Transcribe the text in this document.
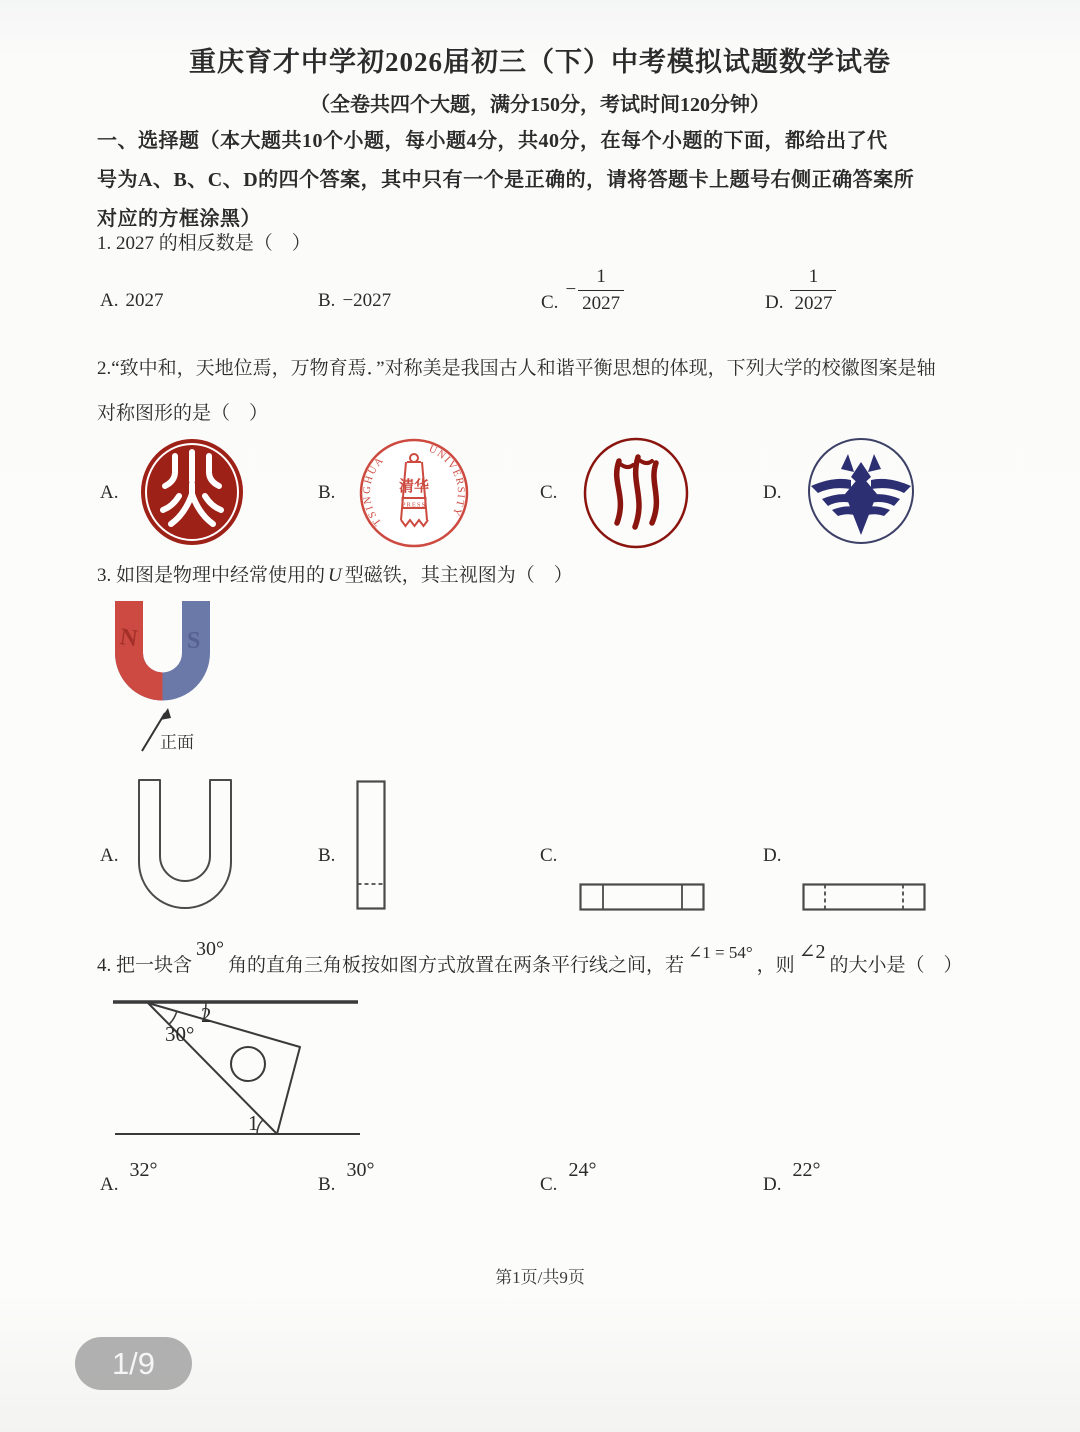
重庆育才中学初2026届初三（下）中考模拟试题数学试卷
（全卷共四个大题，满分150分，考试时间120分钟）
一、选择题（本大题共10个小题，每小题4分，共40分，在每个小题的下面，都给出了代
号为A、B、C、D的四个答案，其中只有一个是正确的，请将答题卡上题号右侧正确答案所
对应的方框涂黑）
1. 2027 的相反数是（　）
A. 2027	B. −2027	C.
− $\frac{1}{2027}$	D. $\frac{1}{2027}$
2.“致中和，天地位焉，万物育焉．”对称美是我国古人和谐平衡思想的体现，下列大学的校徽图案是轴
对称图形的是（　）
A.	B.	C.	D.
TSINGHUA
UNIVERSITY
清华
PRESS
3. 如图是物理中经常使用的 U 型磁铁，其主视图为（　）
N S
正面
A.	B.	C.	D.
4. 把一块含30°角的直角三角板按如图方式放置在两条平行线之间，若∠1 = 54°，则∠2的大小是（　）
2
30°
1
A.
32°
B.
30°
C.
24°
D.
22°
第1页/共9页
1/9
